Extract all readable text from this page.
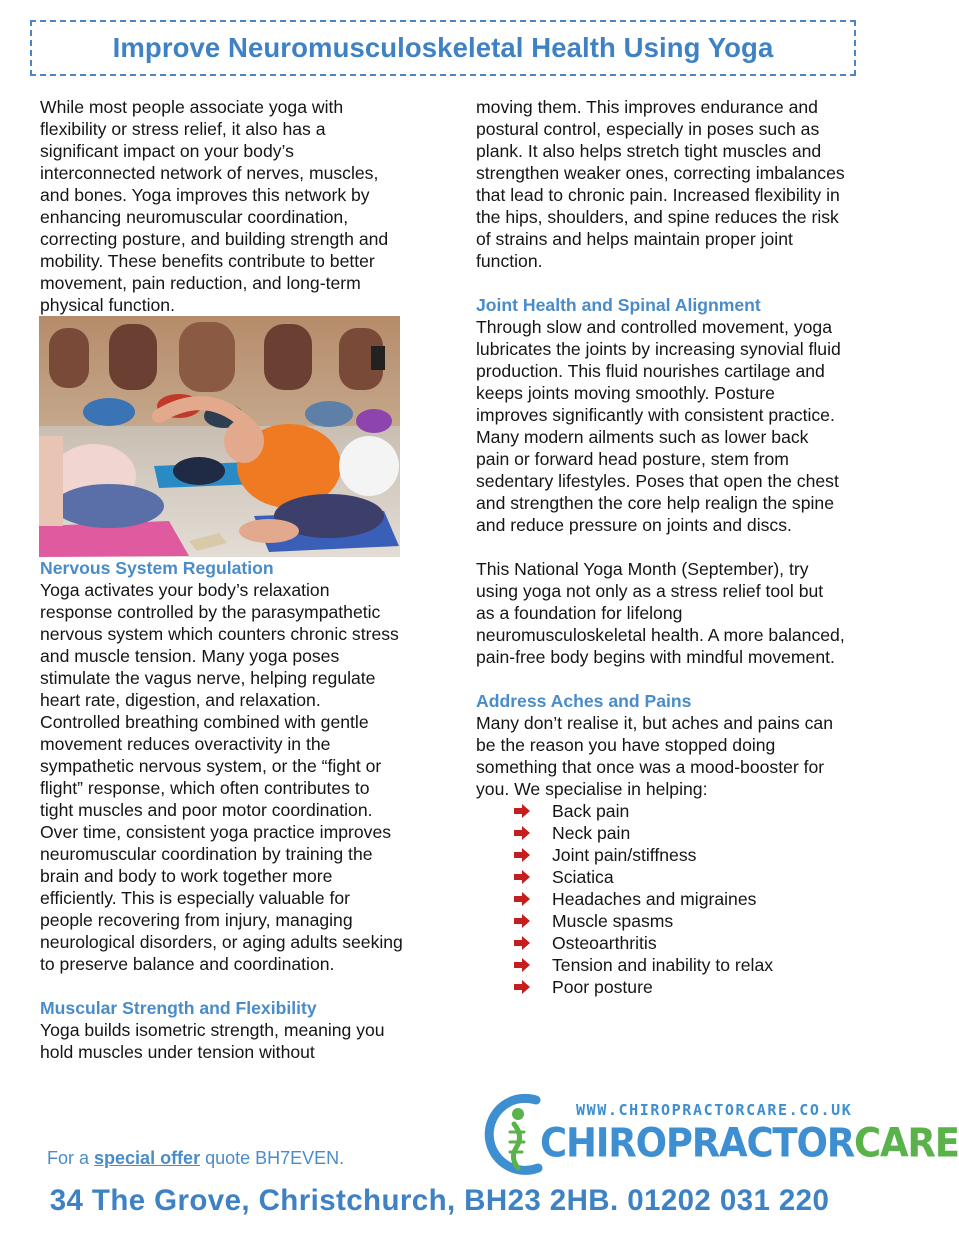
Improve Neuromusculoskeletal Health Using Yoga

While most people associate yoga with flexibility or stress relief, it also has a significant impact on your body’s interconnected network of nerves, muscles, and bones. Yoga improves this network by enhancing neuromuscular coordination, correcting posture, and building strength and mobility. These benefits contribute to better movement, pain reduction, and long-term physical function.

Nervous System Regulation

Yoga activates your body’s relaxation response controlled by the parasympathetic nervous system which counters chronic stress and muscle tension. Many yoga poses stimulate the vagus nerve, helping regulate heart rate, digestion, and relaxation. Controlled breathing combined with gentle movement reduces overactivity in the sympathetic nervous system, or the “fight or flight” response, which often contributes to tight muscles and poor motor coordination. Over time, consistent yoga practice improves neuromuscular coordination by training the brain and body to work together more efficiently. This is especially valuable for people recovering from injury, managing neurological disorders, or aging adults seeking to preserve balance and coordination.

Muscular Strength and Flexibility

Yoga builds isometric strength, meaning you hold muscles under tension without

moving them. This improves endurance and postural control, especially in poses such as plank. It also helps stretch tight muscles and strengthen weaker ones, correcting imbalances that lead to chronic pain. Increased flexibility in the hips, shoulders, and spine reduces the risk of strains and helps maintain proper joint function.

Joint Health and Spinal Alignment

Through slow and controlled movement, yoga lubricates the joints by increasing synovial fluid production. This fluid nourishes cartilage and keeps joints moving smoothly. Posture improves significantly with consistent practice. Many modern ailments such as lower back pain or forward head posture, stem from sedentary lifestyles. Poses that open the chest and strengthen the core help realign the spine and reduce pressure on joints and discs.

This National Yoga Month (September), try using yoga not only as a stress relief tool but as a foundation for lifelong neuromusculoskeletal health. A more balanced, pain-free body begins with mindful movement.

Address Aches and Pains

Many don’t realise it, but aches and pains can be the reason you have stopped doing something that once was a mood-booster for you. We specialise in helping:

Back pain
Neck pain
Joint pain/stiffness
Sciatica
Headaches and migraines
Muscle spasms
Osteoarthritis
Tension and inability to relax
Poor posture
For a special offer quote BH7EVEN.
WWW.CHIROPRACTORCARE.CO.UK
CHIROPRACTORCARE
34 The Grove, Christchurch, BH23 2HB. 01202 031 220
